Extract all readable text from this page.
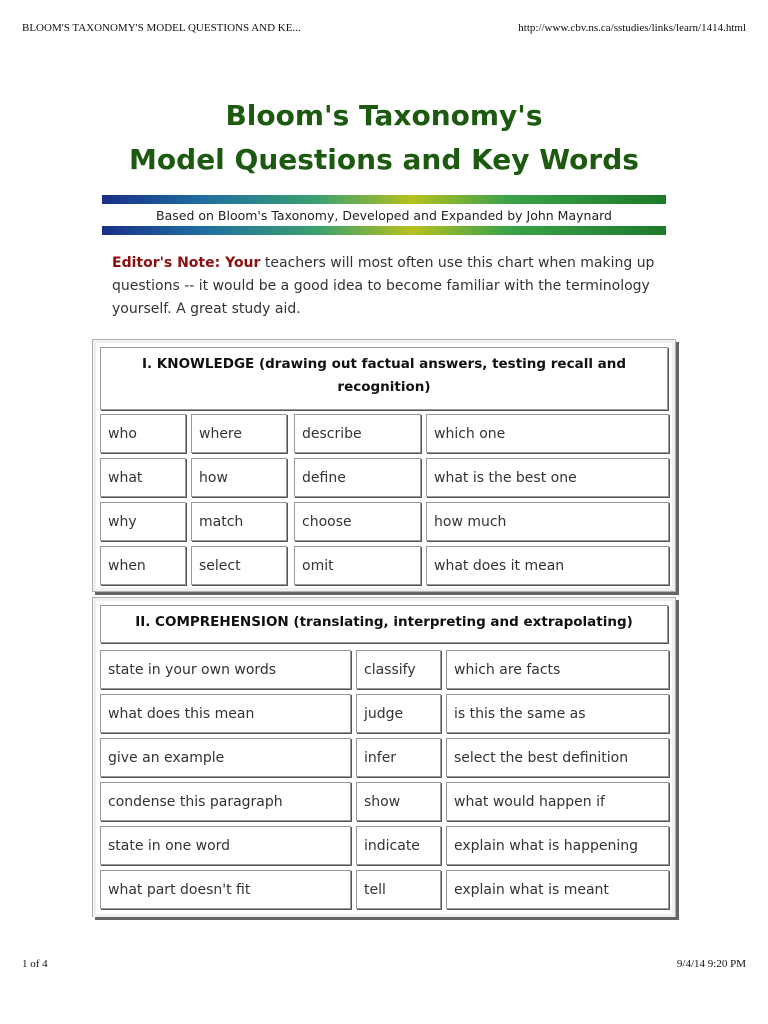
BLOOM'S TAXONOMY'S MODEL QUESTIONS AND KE...	http://www.cbv.ns.ca/sstudies/links/learn/1414.html
Bloom's Taxonomy's
Model Questions and Key Words
Based on Bloom's Taxonomy, Developed and Expanded by John Maynard

Editor's Note: Your teachers will most often use this chart when making up questions -- it would be a good idea to become familiar with the terminology yourself. A great study aid.

I. KNOWLEDGE (drawing out factual answers, testing recall and recognition)
who	where	describe	which one
what	how	define	what is the best one
why	match	choose	how much
when	select	omit	what does it mean
II. COMPREHENSION (translating, interpreting and extrapolating)
state in your own words	classify	which are facts
what does this mean	judge	is this the same as
give an example	infer	select the best definition
condense this paragraph	show	what would happen if
state in one word	indicate	explain what is happening
what part doesn't fit	tell	explain what is meant
1 of 4	9/4/14 9:20 PM
